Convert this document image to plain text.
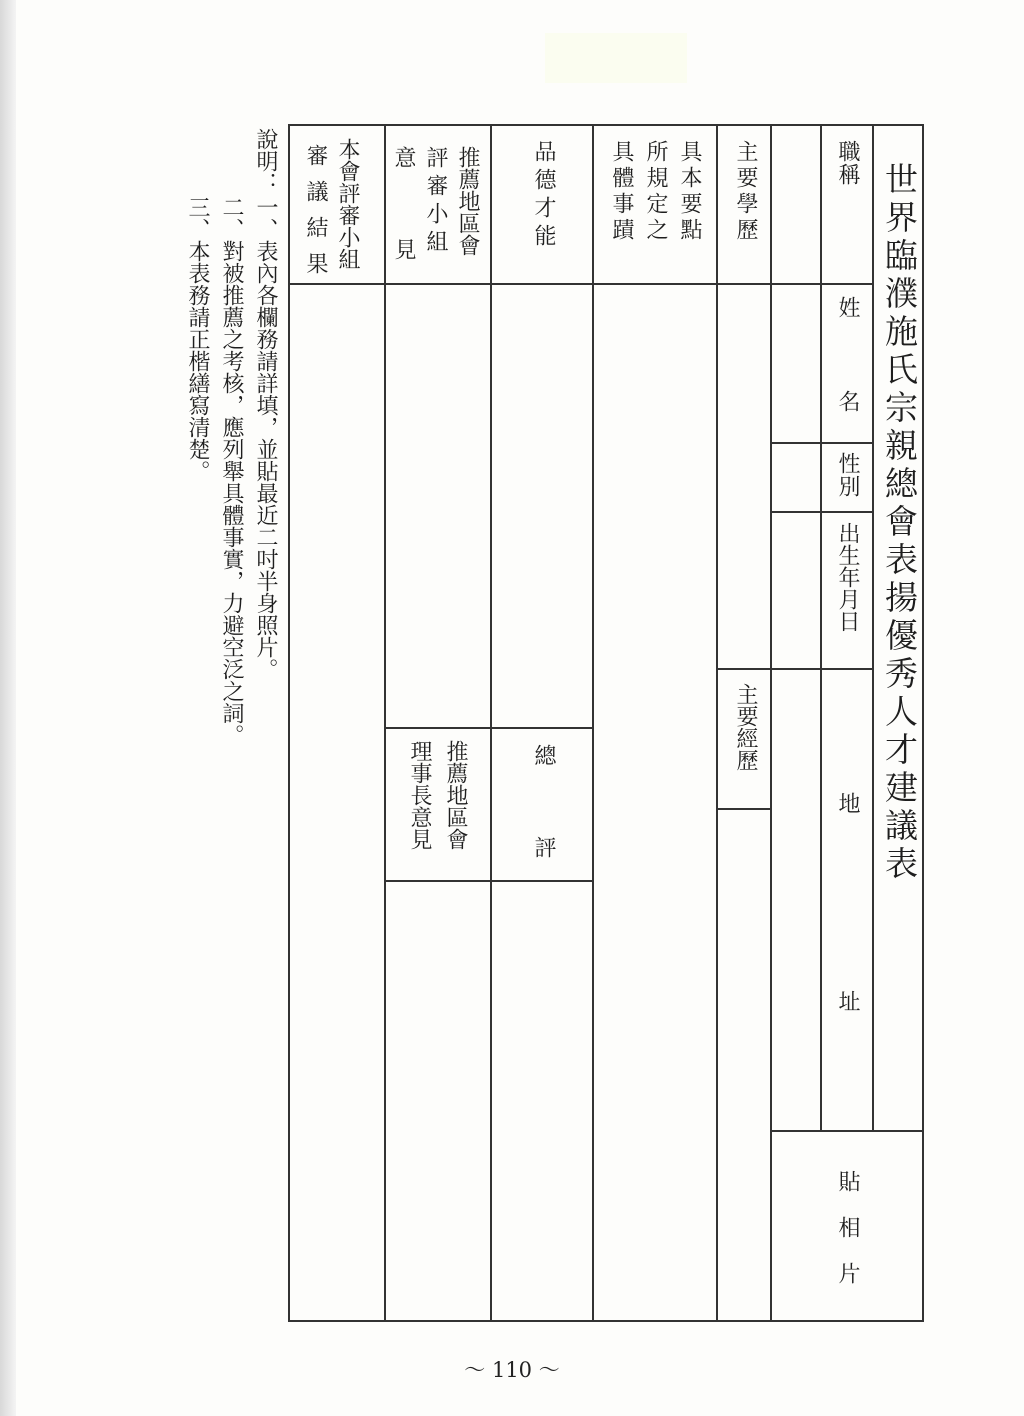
世界臨濮施氏宗親總會表揚優秀人才建議表
職稱
姓
名
性別
出生年月日
地
址
貼
相
片
主要學歷
主要經歷
具本要點
所規定之
具體事蹟
品德才能
總
評
推薦地區會
評審小組
意
見
推薦地區會
理事長意見
本會評審小組
審
議
結
果
說明：
一、表內各欄務請詳填，並貼最近二吋半身照片。
二、對被推薦之考核，應列舉具體事實，力避空泛之詞。
三、本表務請正楷繕寫清楚。
～ 110 ～
